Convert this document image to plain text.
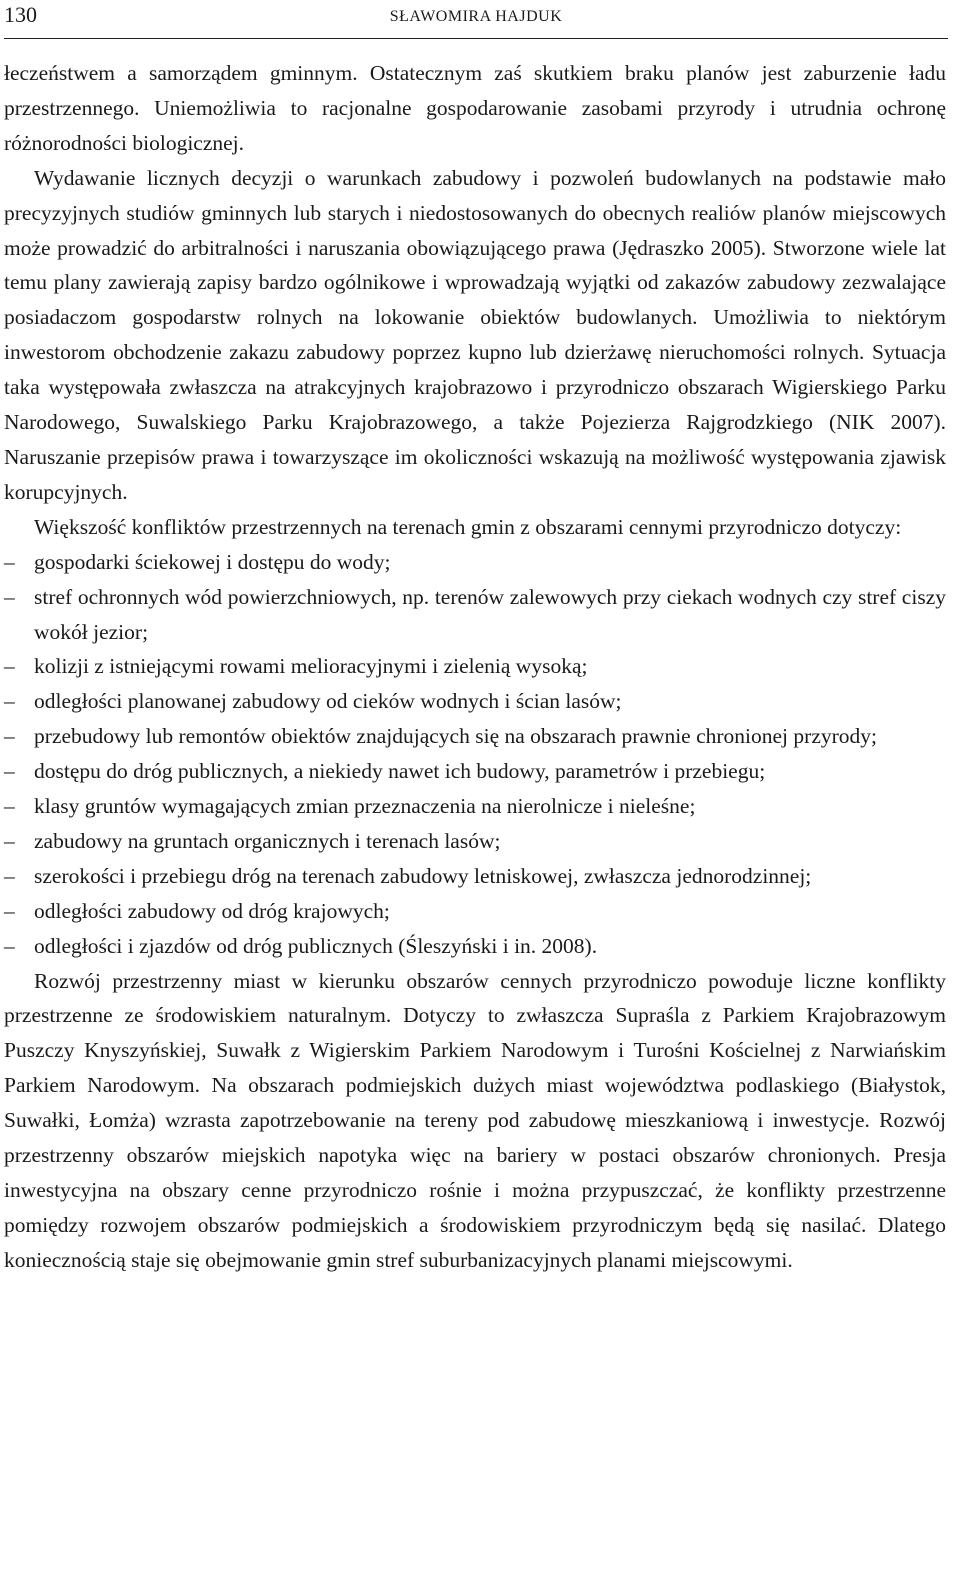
130	SŁAWOMIRA HAJDUK

łeczeństwem a samorządem gminnym. Ostatecznym zaś skutkiem braku planów jest zaburzenie ładu przestrzennego. Uniemożliwia to racjonalne gospodarowanie zasobami przyrody i utrudnia ochronę różnorodności biologicznej.

Wydawanie licznych decyzji o warunkach zabudowy i pozwoleń budowlanych na podstawie mało precyzyjnych studiów gminnych lub starych i niedostosowanych do obecnych realiów planów miejscowych może prowadzić do arbitralności i naruszania obowiązującego prawa (Jędraszko 2005). Stworzone wiele lat temu plany zawierają zapisy bardzo ogólnikowe i wprowadzają wyjątki od zakazów zabudowy zezwalające posiadaczom gospodarstw rolnych na lokowanie obiektów budowlanych. Umożliwia to niektórym inwestorom obchodzenie zakazu zabudowy poprzez kupno lub dzierżawę nieruchomości rolnych. Sytuacja taka występowała zwłaszcza na atrakcyjnych krajobrazowo i przyrodniczo obszarach Wigierskiego Parku Narodowego, Suwalskiego Parku Krajobrazowego, a także Pojezierza Rajgrodzkiego (NIK 2007). Naruszanie przepisów prawa i towarzyszące im okoliczności wskazują na możliwość występowania zjawisk korupcyjnych.

Większość konfliktów przestrzennych na terenach gmin z obszarami cennymi przyrodniczo dotyczy:

– gospodarki ściekowej i dostępu do wody;
– stref ochronnych wód powierzchniowych, np. terenów zalewowych przy ciekach wodnych czy stref ciszy wokół jezior;
– kolizji z istniejącymi rowami melioracyjnymi i zielenią wysoką;
– odległości planowanej zabudowy od cieków wodnych i ścian lasów;
– przebudowy lub remontów obiektów znajdujących się na obszarach prawnie chronionej przyrody;
– dostępu do dróg publicznych, a niekiedy nawet ich budowy, parametrów i przebiegu;
– klasy gruntów wymagających zmian przeznaczenia na nierolnicze i nieleśne;
– zabudowy na gruntach organicznych i terenach lasów;
– szerokości i przebiegu dróg na terenach zabudowy letniskowej, zwłaszcza jednorodzinnej;
– odległości zabudowy od dróg krajowych;
– odległości i zjazdów od dróg publicznych (Śleszyński i in. 2008).

Rozwój przestrzenny miast w kierunku obszarów cennych przyrodniczo powoduje liczne konflikty przestrzenne ze środowiskiem naturalnym. Dotyczy to zwłaszcza Supraśla z Parkiem Krajobrazowym Puszczy Knyszyńskiej, Suwałk z Wigierskim Parkiem Narodowym i Turośni Kościelnej z Narwiańskim Parkiem Narodowym. Na obszarach podmiejskich dużych miast województwa podlaskiego (Białystok, Suwałki, Łomża) wzrasta zapotrzebowanie na tereny pod zabudowę mieszkaniową i inwestycje. Rozwój przestrzenny obszarów miejskich napotyka więc na bariery w postaci obszarów chronionych. Presja inwestycyjna na obszary cenne przyrodniczo rośnie i można przypuszczać, że konflikty przestrzenne pomiędzy rozwojem obszarów podmiejskich a środowiskiem przyrodniczym będą się nasilać. Dlatego koniecznością staje się obejmowanie gmin stref suburbanizacyjnych planami miejscowymi.
